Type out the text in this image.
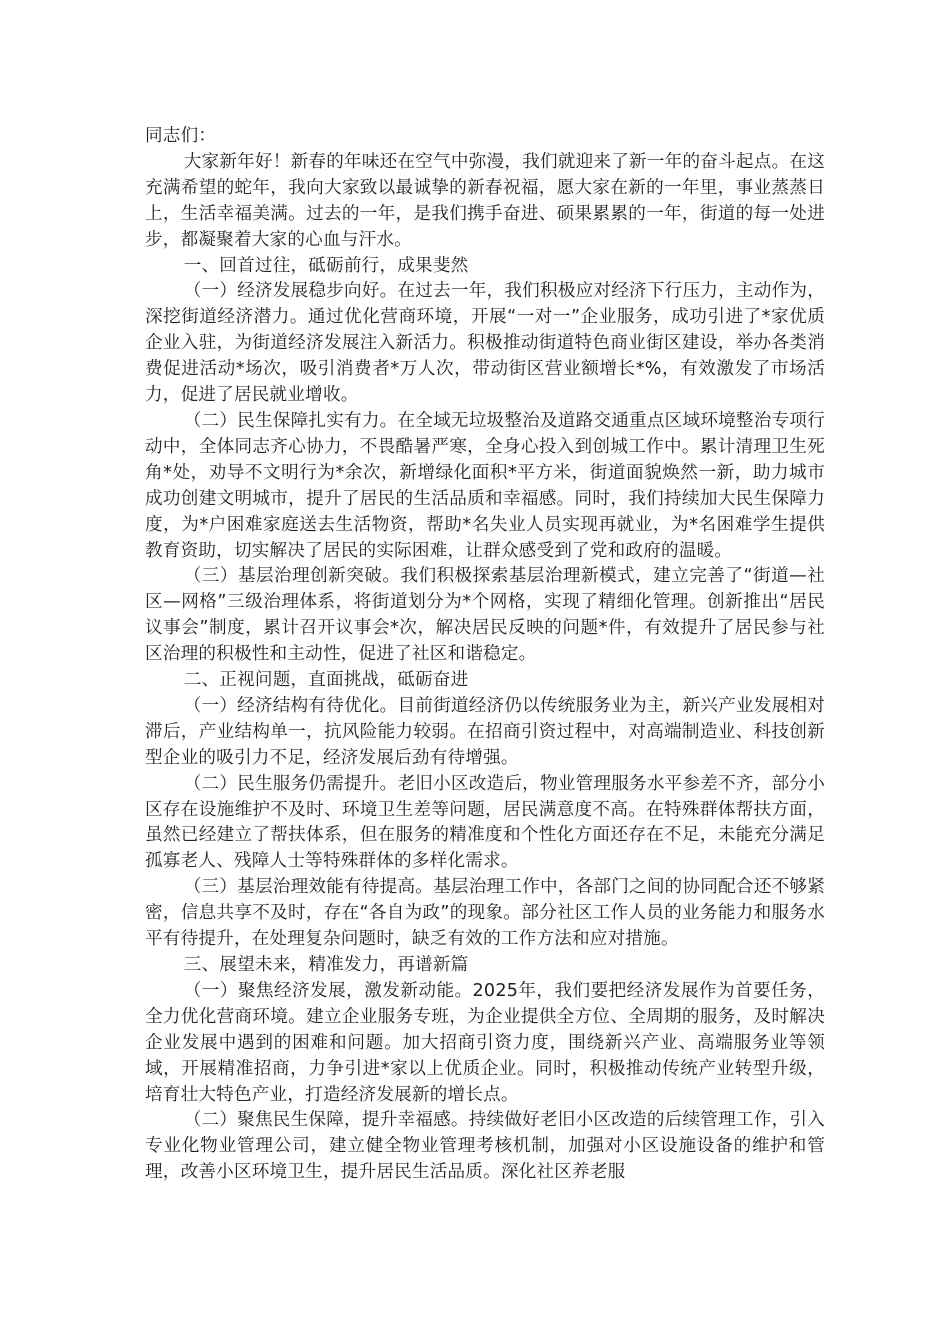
同志们：

大家新年好！新春的年味还在空气中弥漫，我们就迎来了新一年的奋斗起点。在这充满希望的蛇年，我向大家致以最诚挚的新春祝福，愿大家在新的一年里，事业蒸蒸日上，生活幸福美满。过去的一年，是我们携手奋进、硕果累累的一年，街道的每一处进步，都凝聚着大家的心血与汗水。

一、回首过往，砥砺前行，成果斐然

（一）经济发展稳步向好。在过去一年，我们积极应对经济下行压力，主动作为，深挖街道经济潜力。通过优化营商环境，开展“一对一”企业服务，成功引进了*家优质企业入驻，为街道经济发展注入新活力。积极推动街道特色商业街区建设，举办各类消费促进活动*场次，吸引消费者*万人次，带动街区营业额增长*%，有效激发了市场活力，促进了居民就业增收。

（二）民生保障扎实有力。在全域无垃圾整治及道路交通重点区域环境整治专项行动中，全体同志齐心协力，不畏酷暑严寒，全身心投入到创城工作中。累计清理卫生死角*处，劝导不文明行为*余次，新增绿化面积*平方米，街道面貌焕然一新，助力城市成功创建文明城市，提升了居民的生活品质和幸福感。同时，我们持续加大民生保障力度，为*户困难家庭送去生活物资，帮助*名失业人员实现再就业，为*名困难学生提供教育资助，切实解决了居民的实际困难，让群众感受到了党和政府的温暖。

（三）基层治理创新突破。我们积极探索基层治理新模式，建立完善了“街道—社区—网格”三级治理体系，将街道划分为*个网格，实现了精细化管理。创新推出“居民议事会”制度，累计召开议事会*次，解决居民反映的问题*件，有效提升了居民参与社区治理的积极性和主动性，促进了社区和谐稳定。

二、正视问题，直面挑战，砥砺奋进

（一）经济结构有待优化。目前街道经济仍以传统服务业为主，新兴产业发展相对滞后，产业结构单一，抗风险能力较弱。在招商引资过程中，对高端制造业、科技创新型企业的吸引力不足，经济发展后劲有待增强。

（二）民生服务仍需提升。老旧小区改造后，物业管理服务水平参差不齐，部分小区存在设施维护不及时、环境卫生差等问题，居民满意度不高。在特殊群体帮扶方面，虽然已经建立了帮扶体系，但在服务的精准度和个性化方面还存在不足，未能充分满足孤寡老人、残障人士等特殊群体的多样化需求。

（三）基层治理效能有待提高。基层治理工作中，各部门之间的协同配合还不够紧密，信息共享不及时，存在“各自为政”的现象。部分社区工作人员的业务能力和服务水平有待提升，在处理复杂问题时，缺乏有效的工作方法和应对措施。

三、展望未来，精准发力，再谱新篇

（一）聚焦经济发展，激发新动能。2025年，我们要把经济发展作为首要任务，全力优化营商环境。建立企业服务专班，为企业提供全方位、全周期的服务，及时解决企业发展中遇到的困难和问题。加大招商引资力度，围绕新兴产业、高端服务业等领域，开展精准招商，力争引进*家以上优质企业。同时，积极推动传统产业转型升级，培育壮大特色产业，打造经济发展新的增长点。

（二）聚焦民生保障，提升幸福感。持续做好老旧小区改造的后续管理工作，引入专业化物业管理公司，建立健全物业管理考核机制，加强对小区设施设备的维护和管理，改善小区环境卫生，提升居民生活品质。深化社区养老服
